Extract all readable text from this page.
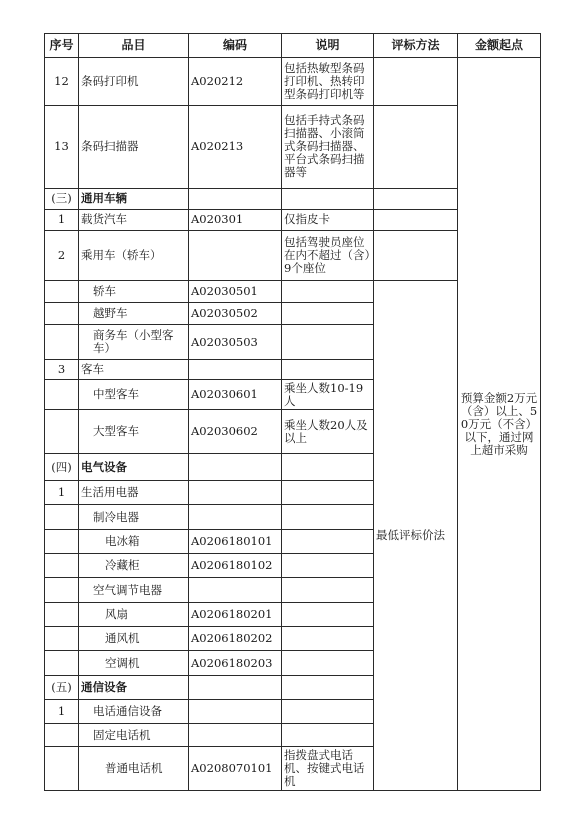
序号	品目	编码	说明	评标方法	金额起点
12	条码打印机	A020212	包括热敏型条码打印机、热转印型条码打印机等		预算金额2万元（含）以上、50万元（不含）以下，通过网上超市采购
13	条码扫描器	A020213	包括手持式条码扫描器、小滚筒式条码扫描器、平台式条码扫描器等		
(三)	通用车辆				
1	载货汽车	A020301	仅指皮卡		
2	乘用车（轿车）		包括驾驶员座位在内不超过（含）9个座位		
	轿车	A02030501		最低评标价法	
	越野车	A02030502			
	商务车（小型客车）	A02030503			
3	客车				
	中型客车	A02030601	乘坐人数10-19人		
	大型客车	A02030602	乘坐人数20人及以上		
(四)	电气设备				
1	生活用电器				
	制冷电器				
	电冰箱	A0206180101			
	冷藏柜	A0206180102			
	空气调节电器				
	风扇	A0206180201			
	通风机	A0206180202			
	空调机	A0206180203			
(五)	通信设备				
1	电话通信设备				
	固定电话机				
	普通电话机	A0208070101	指拨盘式电话机、按键式电话机		
